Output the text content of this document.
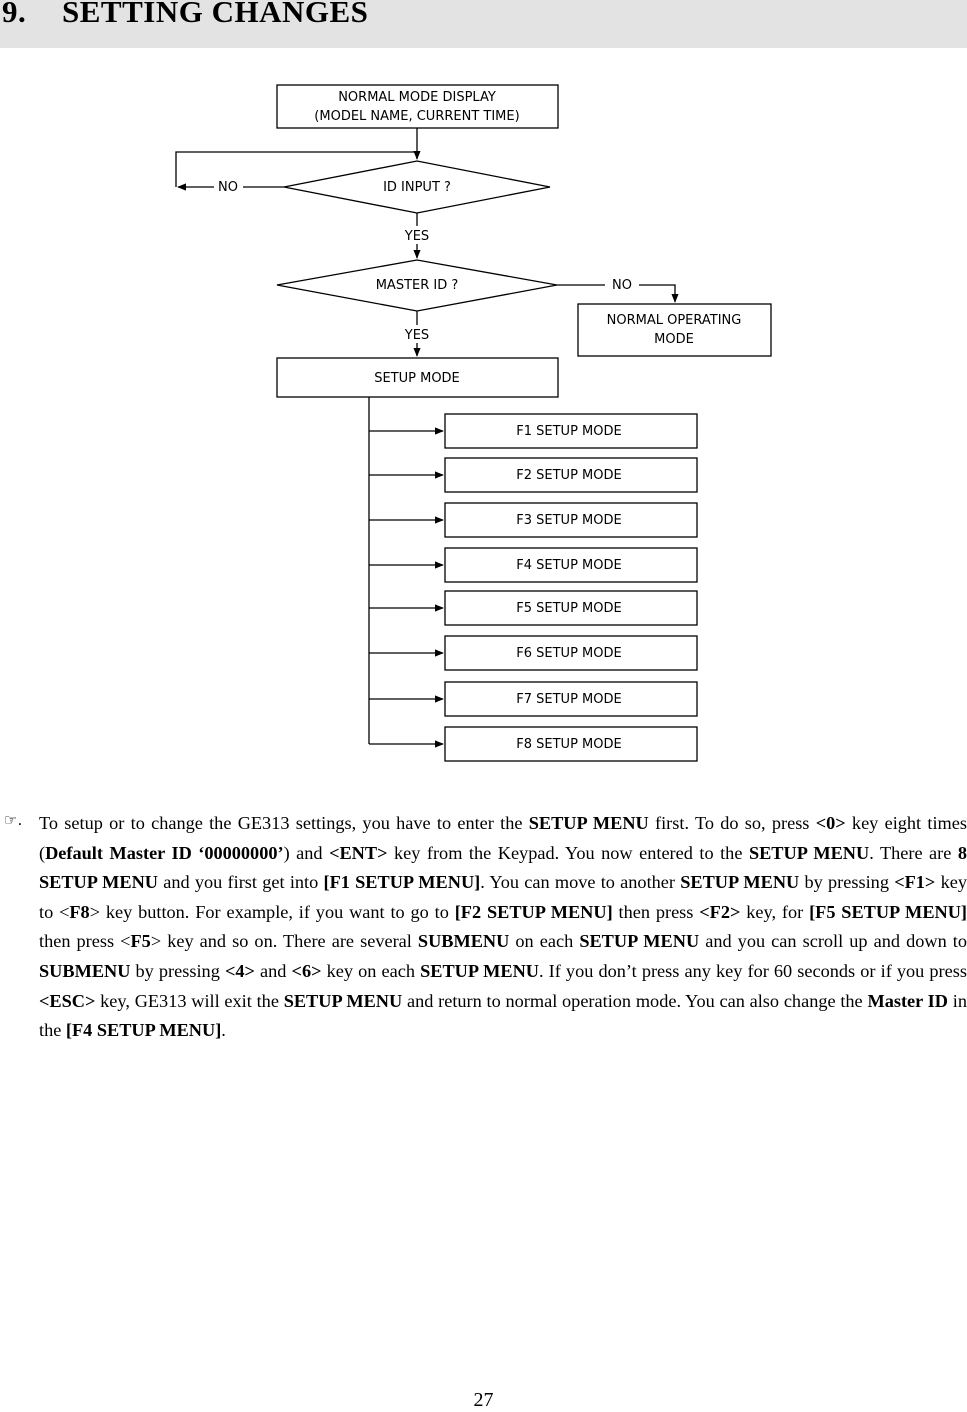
9. SETTING CHANGES
F1 SETUP MODE
F2 SETUP MODE
F3 SETUP MODE
F4 SETUP MODE
F5 SETUP MODE
F6 SETUP MODE
F7 SETUP MODE
F8 SETUP MODE
NORMAL MODE DISPLAY
(MODEL NAME, CURRENT TIME)
ID INPUT ?
NO
YES
MASTER ID ?	NO
NORMAL OPERATING
MODE
YES
SETUP MODE
☞. To setup or to change the GE313 settings, you have to enter the SETUP MENU first. To do so, press <0> key eight times (Default Master ID ‘00000000’) and <ENT> key from the Keypad. You now entered to the SETUP MENU. There are 8 SETUP MENU and you first get into [F1 SETUP MENU]. You can move to another SETUP MENU by pressing <F1> key to <F8> key button. For example, if you want to go to [F2 SETUP MENU] then press <F2> key, for [F5 SETUP MENU] then press <F5> key and so on. There are several SUBMENU on each SETUP MENU and you can scroll up and down to SUBMENU by pressing <4> and <6> key on each SETUP MENU. If you don’t press any key for 60 seconds or if you press <ESC> key, GE313 will exit the SETUP MENU and return to normal operation mode. You can also change the Master ID in the [F4 SETUP MENU].

27
